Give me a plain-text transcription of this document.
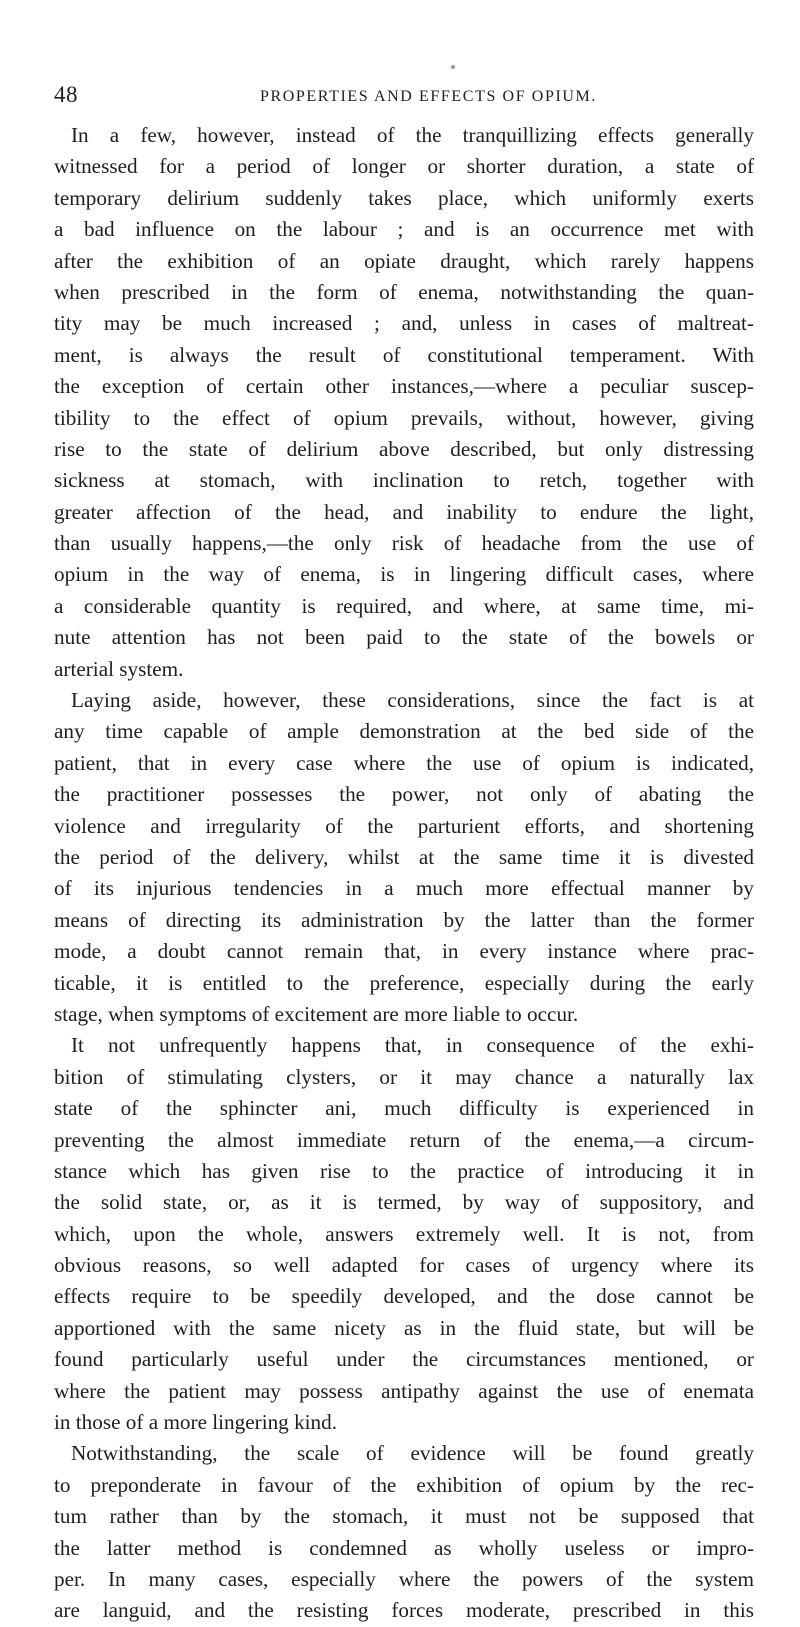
48	PROPERTIES AND EFFECTS OF OPIUM.
In a few, however, instead of the tranquillizing effects generally
witnessed for a period of longer or shorter duration, a state of
temporary delirium suddenly takes place, which uniformly exerts
a bad influence on the labour ; and is an occurrence met with
after the exhibition of an opiate draught, which rarely happens
when prescribed in the form of enema, notwithstanding the quan-
tity may be much increased ; and, unless in cases of maltreat-
ment, is always the result of constitutional temperament. With
the exception of certain other instances,—where a peculiar suscep-
tibility to the effect of opium prevails, without, however, giving
rise to the state of delirium above described, but only distressing
sickness at stomach, with inclination to retch, together with
greater affection of the head, and inability to endure the light,
than usually happens,—the only risk of headache from the use of
opium in the way of enema, is in lingering difficult cases, where
a considerable quantity is required, and where, at same time, mi-
nute attention has not been paid to the state of the bowels or
arterial system.
Laying aside, however, these considerations, since the fact is at
any time capable of ample demonstration at the bed side of the
patient, that in every case where the use of opium is indicated,
the practitioner possesses the power, not only of abating the
violence and irregularity of the parturient efforts, and shortening
the period of the delivery, whilst at the same time it is divested
of its injurious tendencies in a much more effectual manner by
means of directing its administration by the latter than the former
mode, a doubt cannot remain that, in every instance where prac-
ticable, it is entitled to the preference, especially during the early
stage, when symptoms of excitement are more liable to occur.
It not unfrequently happens that, in consequence of the exhi-
bition of stimulating clysters, or it may chance a naturally lax
state of the sphincter ani, much difficulty is experienced in
preventing the almost immediate return of the enema,—a circum-
stance which has given rise to the practice of introducing it in
the solid state, or, as it is termed, by way of suppository, and
which, upon the whole, answers extremely well. It is not, from
obvious reasons, so well adapted for cases of urgency where its
effects require to be speedily developed, and the dose cannot be
apportioned with the same nicety as in the fluid state, but will be
found particularly useful under the circumstances mentioned, or
where the patient may possess antipathy against the use of enemata
in those of a more lingering kind.
Notwithstanding, the scale of evidence will be found greatly
to preponderate in favour of the exhibition of opium by the rec-
tum rather than by the stomach, it must not be supposed that
the latter method is condemned as wholly useless or impro-
per. In many cases, especially where the powers of the system
are languid, and the resisting forces moderate, prescribed in this
